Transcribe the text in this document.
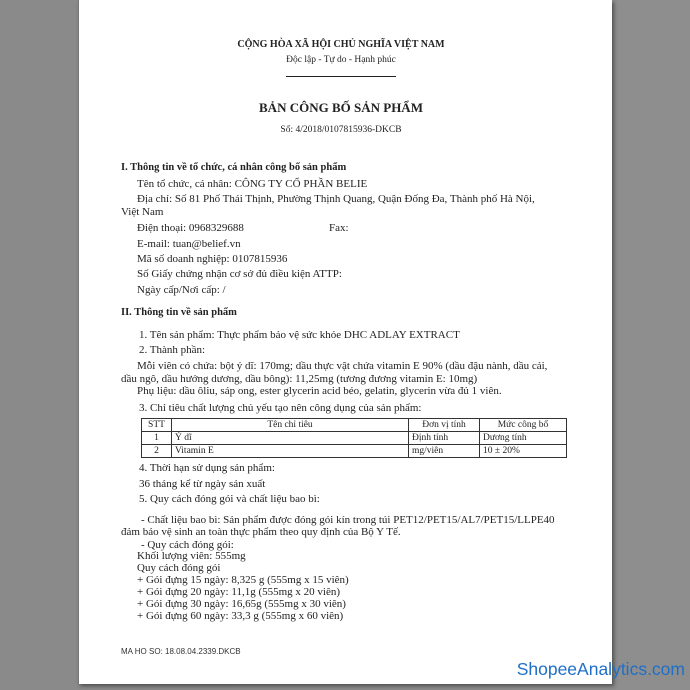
CỘNG HÒA XÃ HỘI CHỦ NGHĨA VIỆT NAM
Độc lập - Tự do - Hạnh phúc
BẢN CÔNG BỐ SẢN PHẨM
Số: 4/2018/0107815936-DKCB
I. Thông tin về tổ chức, cá nhân công bố sản phẩm
Tên tổ chức, cá nhân: CÔNG TY CỔ PHẦN BELIE
Địa chỉ: Số 81 Phố Thái Thịnh, Phường Thịnh Quang, Quận Đống Đa, Thành phố Hà Nội,
Việt Nam
Điện thoại: 0968329688	Fax:
E-mail: tuan@belief.vn
Mã số doanh nghiệp: 0107815936
Số Giấy chứng nhận cơ sở đủ điều kiện ATTP:
Ngày cấp/Nơi cấp: /
II. Thông tin về sản phẩm
1. Tên sản phẩm: Thực phẩm bảo vệ sức khỏe DHC ADLAY EXTRACT
2. Thành phần:
Mỗi viên có chứa: bột ý dĩ: 170mg; dầu thực vật chứa vitamin E 90% (dầu đậu nành, dầu cải,
dầu ngô, dầu hướng dương, dầu bông): 11,25mg (tương đương vitamin E: 10mg)
Phụ liệu: dầu ôliu, sáp ong, ester glycerin acid béo, gelatin, glycerin vừa đủ 1 viên.
3. Chỉ tiêu chất lượng chủ yếu tạo nên công dụng của sản phẩm:
STT	Tên chỉ tiêu	Đơn vị tính	Mức công bố
1	Ý dĩ	Định tính	Dương tính
2	Vitamin E	mg/viên	10 ± 20%
4. Thời hạn sử dụng sản phẩm:
36 tháng kể từ ngày sản xuất
5. Quy cách đóng gói và chất liệu bao bì:
- Chất liệu bao bì: Sản phẩm được đóng gói kín trong túi PET12/PET15/AL7/PET15/LLPE40
đảm bảo vệ sinh an toàn thực phẩm theo quy định của Bộ Y Tế.
- Quy cách đóng gói:
Khối lượng viên: 555mg
Quy cách đóng gói
+ Gói đựng 15 ngày: 8,325 g (555mg x 15 viên)
+ Gói đựng 20 ngày: 11,1g (555mg x 20 viên)
+ Gói đựng 30 ngày: 16,65g (555mg x 30 viên)
+ Gói đựng 60 ngày: 33,3 g (555mg x 60 viên)
MA HO SO: 18.08.04.2339.DKCB
ShopeeAnalytics.com
